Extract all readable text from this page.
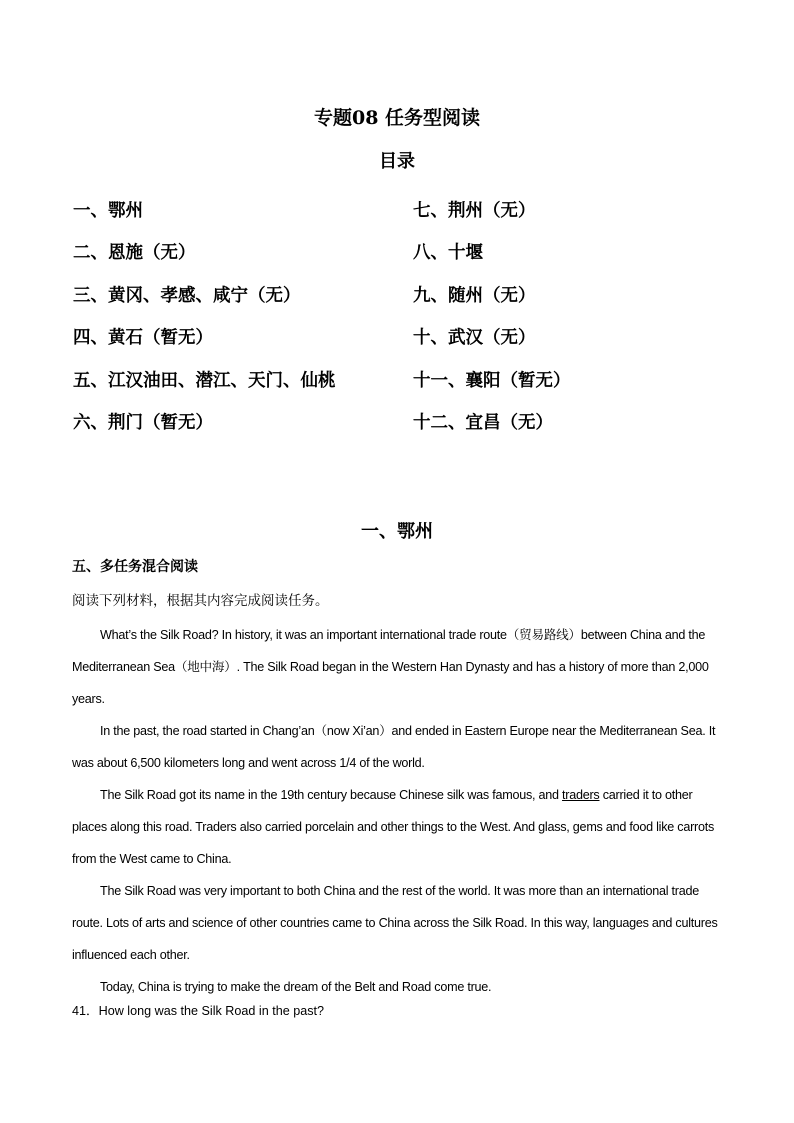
专题08 任务型阅读
目录
一、鄂州	七、荆州（无）
二、恩施（无）	八、十堰
三、黄冈、孝感、咸宁（无）	九、随州（无）
四、黄石（暂无）	十、武汉（无）
五、江汉油田、潜江、天门、仙桃	十一、襄阳（暂无）
六、荆门（暂无）	十二、宜昌（无）
一、鄂州
五、多任务混合阅读
阅读下列材料，根据其内容完成阅读任务。

What’s the Silk Road? In history, it was an important international trade route（贸易路线）between China and the Mediterranean Sea（地中海）. The Silk Road began in the Western Han Dynasty and has a history of more than 2,000 years.

In the past, the road started in Chang’an（now Xi’an）and ended in Eastern Europe near the Mediterranean Sea. It was about 6,500 kilometers long and went across 1/4 of the world.

The Silk Road got its name in the 19th century because Chinese silk was famous, and traders carried it to other places along this road. Traders also carried porcelain and other things to the West. And glass, gems and food like carrots from the West came to China.

The Silk Road was very important to both China and the rest of the world. It was more than an international trade route. Lots of arts and science of other countries came to China across the Silk Road. In this way, languages and cultures influenced each other.

Today, China is trying to make the dream of the Belt and Road come true.

41．How long was the Silk Road in the past?
